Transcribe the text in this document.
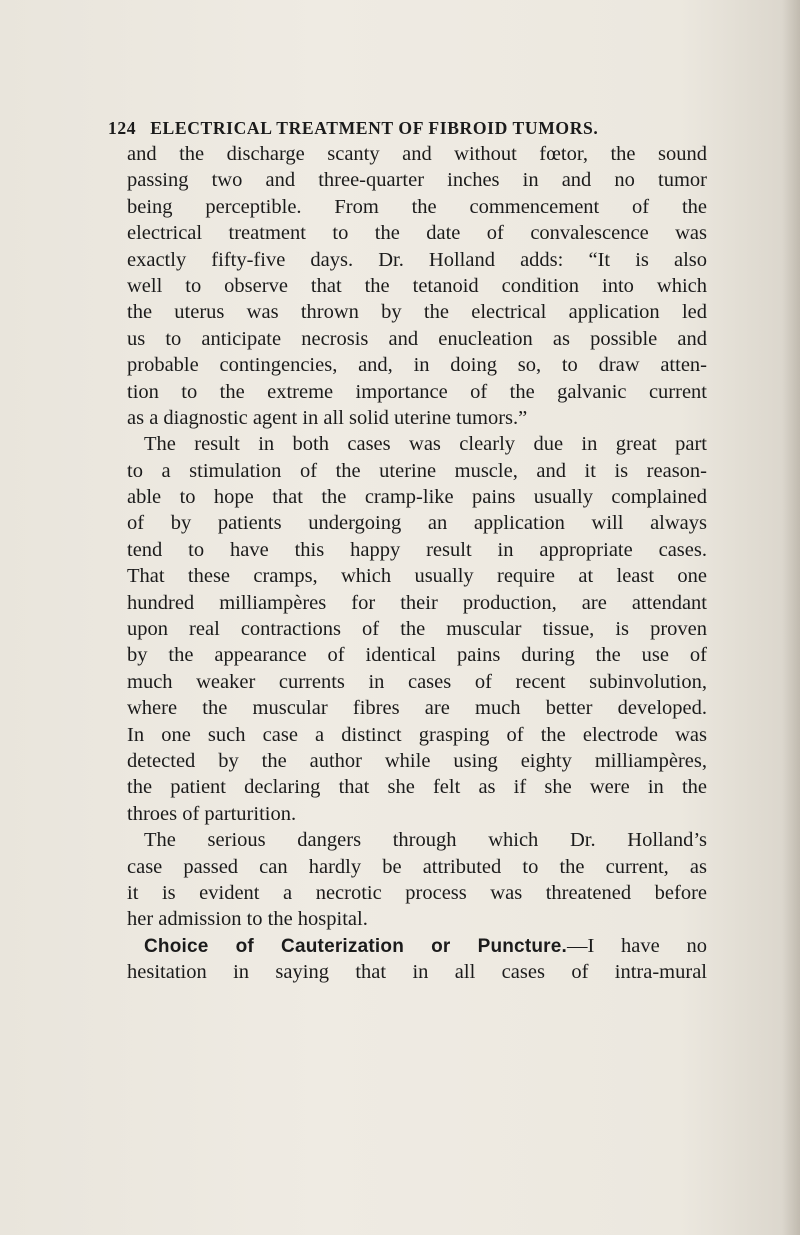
124 ELECTRICAL TREATMENT OF FIBROID TUMORS.
and the discharge scanty and without fœtor, the sound
passing two and three-quarter inches in and no tumor
being perceptible. From the commencement of the
electrical treatment to the date of convalescence was
exactly fifty-five days. Dr. Holland adds: “It is also
well to observe that the tetanoid condition into which
the uterus was thrown by the electrical application led
us to anticipate necrosis and enucleation as possible and
probable contingencies, and, in doing so, to draw atten-
tion to the extreme importance of the galvanic current
as a diagnostic agent in all solid uterine tumors.”
The result in both cases was clearly due in great part
to a stimulation of the uterine muscle, and it is reason-
able to hope that the cramp-like pains usually complained
of by patients undergoing an application will always
tend to have this happy result in appropriate cases.
That these cramps, which usually require at least one
hundred milliampères for their production, are attendant
upon real contractions of the muscular tissue, is proven
by the appearance of identical pains during the use of
much weaker currents in cases of recent subinvolution,
where the muscular fibres are much better developed.
In one such case a distinct grasping of the electrode was
detected by the author while using eighty milliampères,
the patient declaring that she felt as if she were in the
throes of parturition.
The serious dangers through which Dr. Holland’s
case passed can hardly be attributed to the current, as
it is evident a necrotic process was threatened before
her admission to the hospital.
Choice of Cauterization or Puncture.—I have no
hesitation in saying that in all cases of intra-mural
